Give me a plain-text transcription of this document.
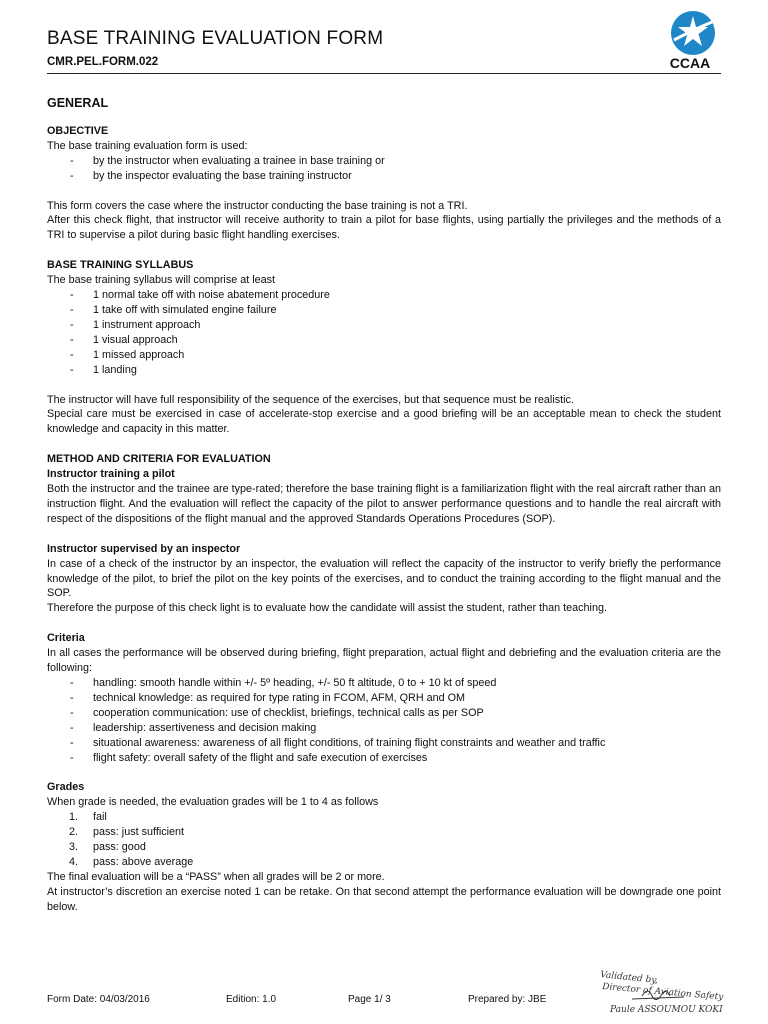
BASE TRAINING EVALUATION FORM
CMR.PEL.FORM.022	CCAA
GENERAL

OBJECTIVE

The base training evaluation form is used:

- by the instructor when evaluating a trainee in base training or
- by the inspector evaluating the base training instructor

This form covers the case where the instructor conducting the base training is not a TRI.

After this check flight, that instructor will receive authority to train a pilot for base flights, using partially the privileges and the methods of a TRI to supervise a pilot during basic flight handling exercises.

BASE TRAINING SYLLABUS

The base training syllabus will comprise at least

- 1 normal take off with noise abatement procedure
- 1 take off with simulated engine failure
- 1 instrument approach
- 1 visual approach
- 1 missed approach
- 1 landing

The instructor will have full responsibility of the sequence of the exercises, but that sequence must be realistic.

Special care must be exercised in case of accelerate-stop exercise and a good briefing will be an acceptable mean to check the student knowledge and capacity in this matter.

METHOD AND CRITERIA FOR EVALUATION

Instructor training a pilot

Both the instructor and the trainee are type-rated; therefore the base training flight is a familiarization flight with the real aircraft rather than an instruction flight. And the evaluation will reflect the capacity of the pilot to answer performance questions and to handle the real aircraft with respect of the dispositions of the flight manual and the approved Standards Operations Procedures (SOP).

Instructor supervised by an inspector

In case of a check of the instructor by an inspector, the evaluation will reflect the capacity of the instructor to verify briefly the performance knowledge of the pilot, to brief the pilot on the key points of the exercises, and to conduct the training according to the flight manual and the SOP.

Therefore the purpose of this check light is to evaluate how the candidate will assist the student, rather than teaching.

Criteria

In all cases the performance will be observed during briefing, flight preparation, actual flight and debriefing and the evaluation criteria are the following:

- handling: smooth handle within +/- 5º heading, +/- 50 ft altitude, 0 to + 10 kt of speed
- technical knowledge: as required for type rating in FCOM, AFM, QRH and OM
- cooperation communication: use of checklist, briefings, technical calls as per SOP
- leadership: assertiveness and decision making
- situational awareness: awareness of all flight conditions, of training flight constraints and weather and traffic
- flight safety: overall safety of the flight and safe execution of exercises

Grades

When grade is needed, the evaluation grades will be 1 to 4 as follows

1. fail
2. pass: just sufficient
3. pass: good
4. pass: above average

The final evaluation will be a “PASS” when all grades will be 2 or more.

At instructor’s discretion an exercise noted 1 can be retake. On that second attempt the performance evaluation will be downgrade one point below.

Validated by,
Director of Aviation Safety
Paule ASSOUMOU KOKI
Form Date: 04/03/2016	Edition: 1.0	Page 1/ 3	Prepared by: JBE
